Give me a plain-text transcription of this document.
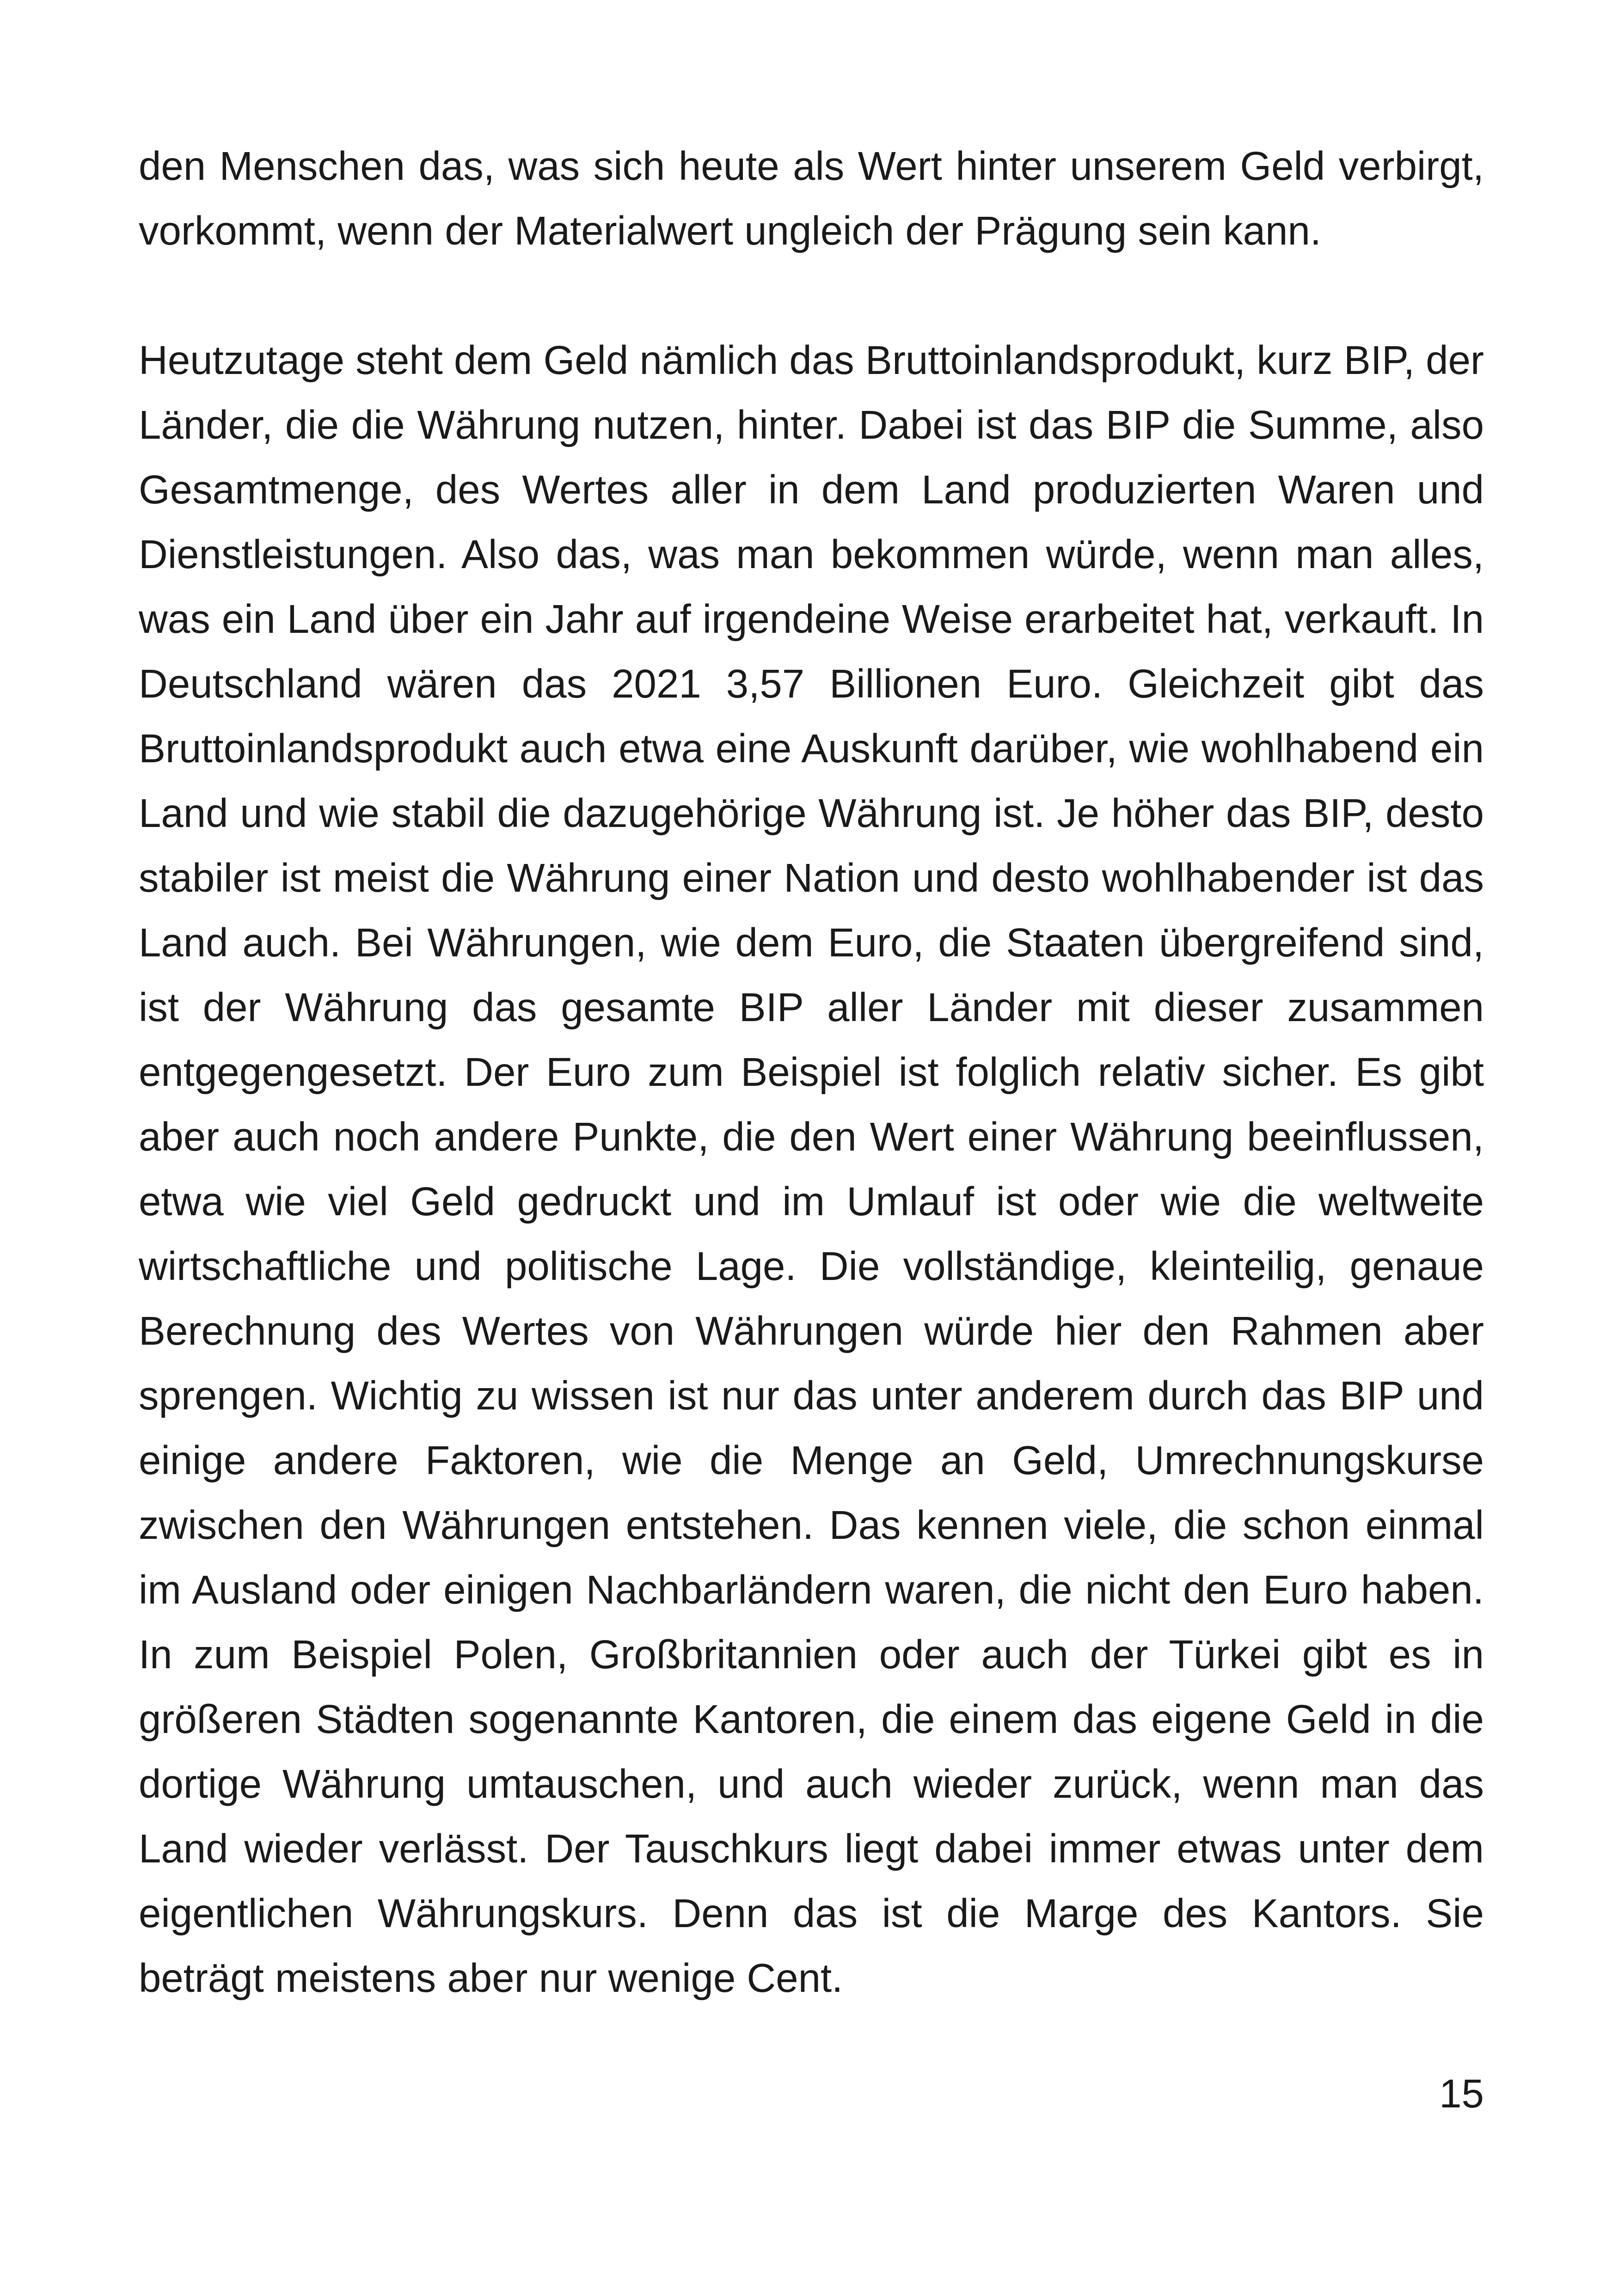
den Menschen das, was sich heute als Wert hinter unserem Geld verbirgt, vorkommt, wenn der Materialwert ungleich der Prägung sein kann.

Heutzutage steht dem Geld nämlich das Bruttoinlandsprodukt, kurz BIP, der Länder, die die Währung nutzen, hinter. Dabei ist das BIP die Summe, also Gesamtmenge, des Wertes aller in dem Land produzierten Waren und Dienstleistungen. Also das, was man bekommen würde, wenn man alles, was ein Land über ein Jahr auf irgendeine Weise erarbeitet hat, verkauft. In Deutschland wären das 2021 3,57 Billionen Euro. Gleichzeit gibt das Bruttoinlandsprodukt auch etwa eine Auskunft darüber, wie wohlhabend ein Land und wie stabil die dazugehörige Währung ist. Je höher das BIP, desto stabiler ist meist die Währung einer Nation und desto wohlhabender ist das Land auch. Bei Währungen, wie dem Euro, die Staaten übergreifend sind, ist der Währung das gesamte BIP aller Länder mit dieser zusammen entgegengesetzt. Der Euro zum Beispiel ist folglich relativ sicher. Es gibt aber auch noch andere Punkte, die den Wert einer Währung beeinflussen, etwa wie viel Geld gedruckt und im Umlauf ist oder wie die weltweite wirtschaftliche und politische Lage. Die vollständige, kleinteilig, genaue Berechnung des Wertes von Währungen würde hier den Rahmen aber sprengen. Wichtig zu wissen ist nur das unter anderem durch das BIP und einige andere Faktoren, wie die Menge an Geld, Umrechnungskurse zwischen den Währungen entstehen. Das kennen viele, die schon einmal im Ausland oder einigen Nachbarländern waren, die nicht den Euro haben. In zum Beispiel Polen, Großbritannien oder auch der Türkei gibt es in größeren Städten sogenannte Kantoren, die einem das eigene Geld in die dortige Währung umtauschen, und auch wieder zurück, wenn man das Land wieder verlässt. Der Tauschkurs liegt dabei immer etwas unter dem eigentlichen Währungskurs. Denn das ist die Marge des Kantors. Sie beträgt meistens aber nur wenige Cent.

15
